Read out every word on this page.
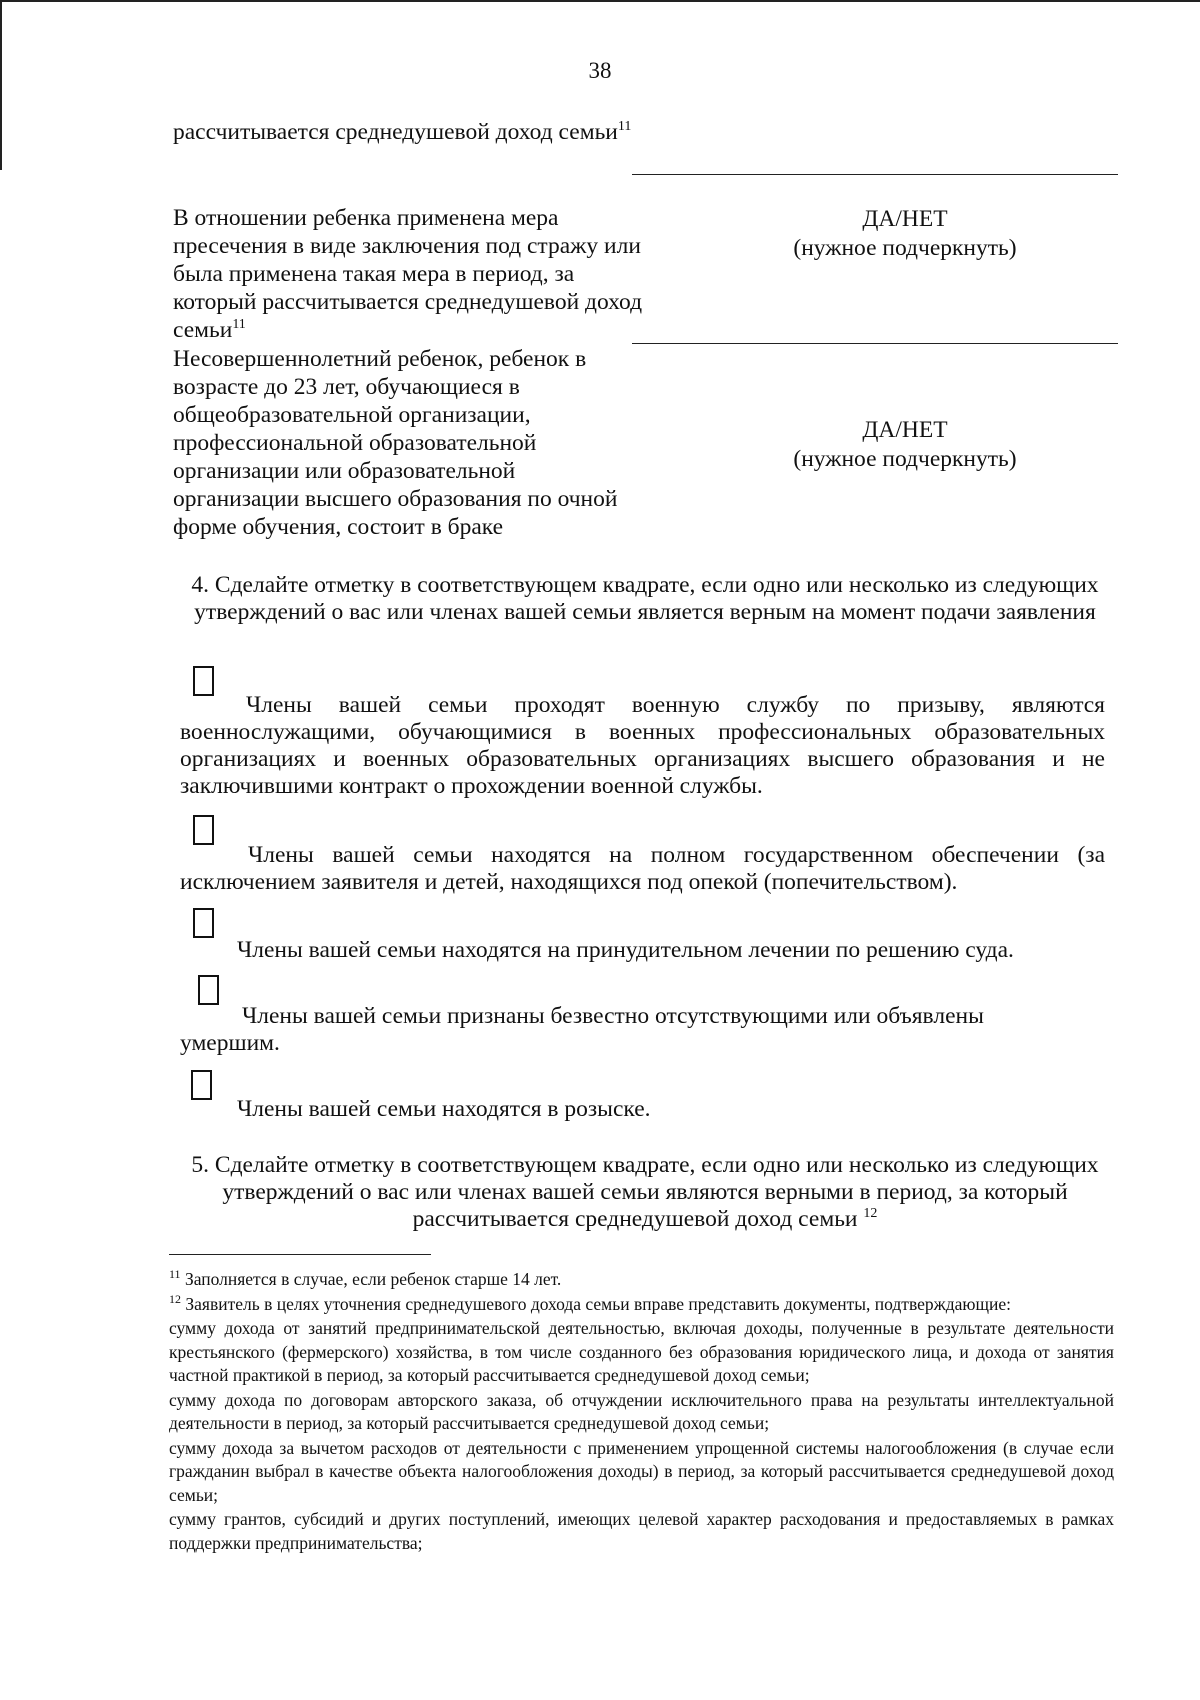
38
рассчитывается среднедушевой доход семьи$^{11}$
В отношении ребенка применена мера пресечения в виде заключения под стражу или была применена такая мера в период, за который рассчитывается среднедушевой доход семьи$^{11}$
ДА/НЕТ
(нужное подчеркнуть)
Несовершеннолетний ребенок, ребенок в возрасте до 23 лет, обучающиеся в общеобразовательной организации, профессиональной образовательной организации или образовательной организации высшего образования по очной форме обучения, состоит в браке
ДА/НЕТ
(нужное подчеркнуть)
4. Сделайте отметку в соответствующем квадрате, если одно или несколько из следующих утверждений о вас или членах вашей семьи является верным на момент подачи заявления
Члены вашей семьи проходят военную службу по призыву, являются военнослужащими, обучающимися в военных профессиональных образовательных организациях и военных образовательных организациях высшего образования и не заключившими контракт о прохождении военной службы.
Члены вашей семьи находятся на полном государственном обеспечении (за исключением заявителя и детей, находящихся под опекой (попечительством).
Члены вашей семьи находятся на принудительном лечении по решению суда.
Члены вашей семьи признаны безвестно отсутствующими или объявлены умершим.
Члены вашей семьи находятся в розыске.
5. Сделайте отметку в соответствующем квадрате, если одно или несколько из следующих утверждений о вас или членах вашей семьи являются верными в период, за который рассчитывается среднедушевой доход семьи $^{12}$

$^{11}$ Заполняется в случае, если ребенок старше 14 лет.

$^{12}$ Заявитель в целях уточнения среднедушевого дохода семьи вправе представить документы, подтверждающие:

сумму дохода от занятий предпринимательской деятельностью, включая доходы, полученные в результате деятельности крестьянского (фермерского) хозяйства, в том числе созданного без образования юридического лица, и дохода от занятия частной практикой в период, за который рассчитывается среднедушевой доход семьи;

сумму дохода по договорам авторского заказа, об отчуждении исключительного права на результаты интеллектуальной деятельности в период, за который рассчитывается среднедушевой доход семьи;

сумму дохода за вычетом расходов от деятельности с применением упрощенной системы налогообложения (в случае если гражданин выбрал в качестве объекта налогообложения доходы) в период, за который рассчитывается среднедушевой доход семьи;

сумму грантов, субсидий и других поступлений, имеющих целевой характер расходования и предоставляемых в рамках поддержки предпринимательства;
